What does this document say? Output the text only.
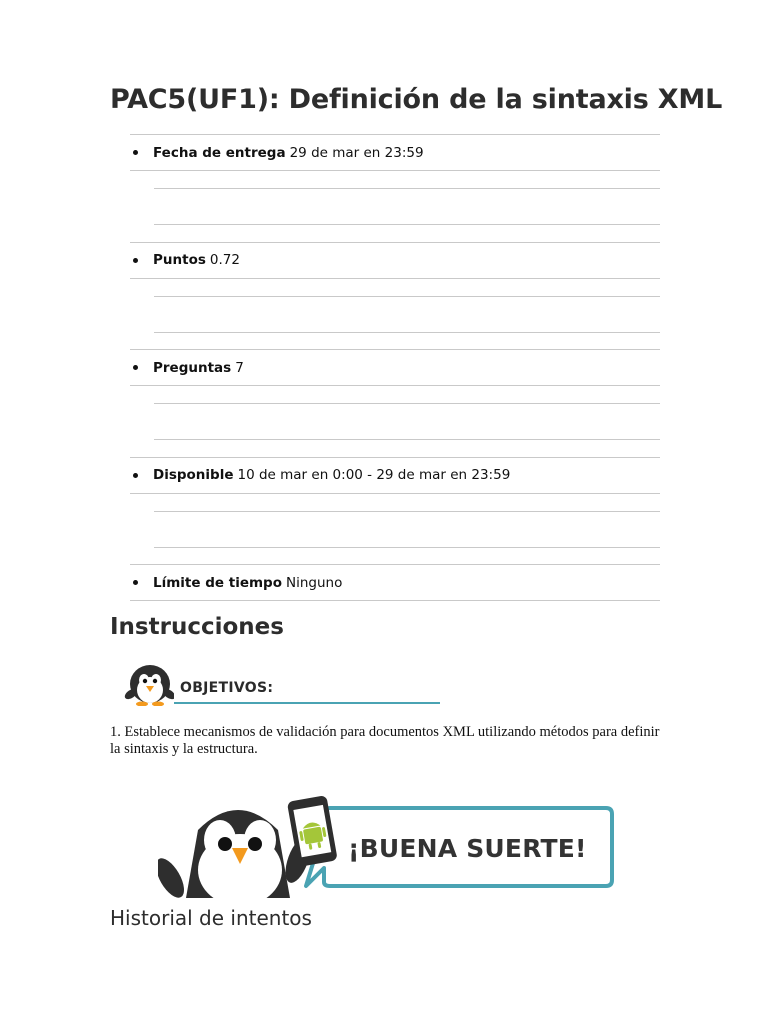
PAC5(UF1): Definición de la sintaxis XML
Fecha de entrega 29 de mar en 23:59
Puntos 0.72
Preguntas 7
Disponible 10 de mar en 0:00 - 29 de mar en 23:59
Límite de tiempo Ninguno
Instrucciones
OBJETIVOS:

1. Establece mecanismos de validación para documentos XML utilizando métodos para definir la sintaxis y la estructura.

¡BUENA SUERTE!
Historial de intentos
